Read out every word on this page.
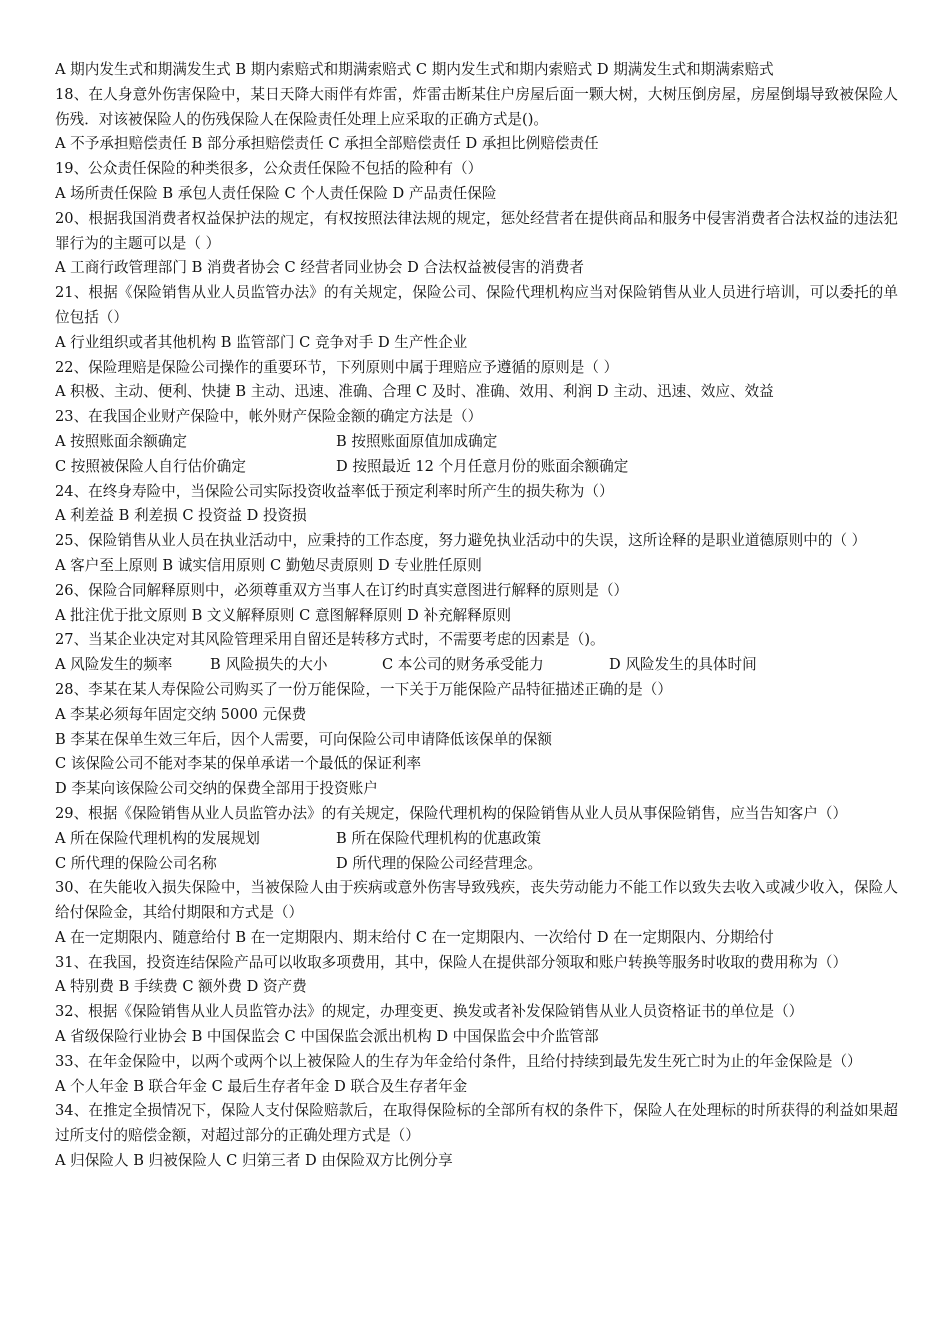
A 期内发生式和期满发生式 B 期内索赔式和期满索赔式 C 期内发生式和期内索赔式 D 期满发生式和期满索赔式
18、在人身意外伤害保险中，某日天降大雨伴有炸雷，炸雷击断某住户房屋后面一颗大树，大树压倒房屋，房屋倒塌导致被保险人伤残．对该被保险人的伤残保险人在保险责任处理上应采取的正确方式是()。
A 不予承担赔偿责任 B 部分承担赔偿责任 C 承担全部赔偿责任 D 承担比例赔偿责任
19、公众责任保险的种类很多，公众责任保险不包括的险种有（）
A 场所责任保险 B 承包人责任保险 C 个人责任保险 D 产品责任保险
20、根据我国消费者权益保护法的规定，有权按照法律法规的规定，惩处经营者在提供商品和服务中侵害消费者合法权益的违法犯罪行为的主题可以是（ ）
A 工商行政管理部门 B 消费者协会 C 经营者同业协会 D 合法权益被侵害的消费者
21、根据《保险销售从业人员监管办法》的有关规定，保险公司、保险代理机构应当对保险销售从业人员进行培训，可以委托的单位包括（）
A 行业组织或者其他机构 B 监管部门 C 竞争对手 D 生产性企业
22、保险理赔是保险公司操作的重要环节，下列原则中属于理赔应予遵循的原则是（ ）
A 积极、主动、便利、快捷 B 主动、迅速、准确、合理 C 及时、准确、效用、利润 D 主动、迅速、效应、效益
23、在我国企业财产保险中，帐外财产保险金额的确定方法是（）
A 按照账面余额确定	B 按照账面原值加成确定
C 按照被保险人自行估价确定	D 按照最近 12 个月任意月份的账面余额确定
24、在终身寿险中，当保险公司实际投资收益率低于预定利率时所产生的损失称为（）
A 利差益 B 利差损 C 投资益 D 投资损
25、保险销售从业人员在执业活动中，应秉持的工作态度，努力避免执业活动中的失误，这所诠释的是职业道德原则中的（ ）
A 客户至上原则 B 诚实信用原则 C 勤勉尽责原则 D 专业胜任原则
26、保险合同解释原则中，必须尊重双方当事人在订约时真实意图进行解释的原则是（）
A 批注优于批文原则 B 文义解释原则 C 意图解释原则 D 补充解释原则
27、当某企业决定对其风险管理采用自留还是转移方式时，不需要考虑的因素是（)。
A 风险发生的频率	B 风险损失的大小	C 本公司的财务承受能力	D 风险发生的具体时间
28、李某在某人寿保险公司购买了一份万能保险，一下关于万能保险产品特征描述正确的是（）
A 李某必须每年固定交纳 5000 元保费
B 李某在保单生效三年后，因个人需要，可向保险公司申请降低该保单的保额
C 该保险公司不能对李某的保单承诺一个最低的保证利率
D 李某向该保险公司交纳的保费全部用于投资账户
29、根据《保险销售从业人员监管办法》的有关规定，保险代理机构的保险销售从业人员从事保险销售，应当告知客户（）
A 所在保险代理机构的发展规划	B 所在保险代理机构的优惠政策
C 所代理的保险公司名称	D 所代理的保险公司经营理念。
30、在失能收入损失保险中，当被保险人由于疾病或意外伤害导致残疾，丧失劳动能力不能工作以致失去收入或减少收入，保险人给付保险金，其给付期限和方式是（）
A 在一定期限内、随意给付 B 在一定期限内、期末给付 C 在一定期限内、一次给付 D 在一定期限内、分期给付
31、在我国，投资连结保险产品可以收取多项费用，其中，保险人在提供部分领取和账户转换等服务时收取的费用称为（）
A 特别费 B 手续费 C 额外费 D 资产费
32、根据《保险销售从业人员监管办法》的规定，办理变更、换发或者补发保险销售从业人员资格证书的单位是（）
A 省级保险行业协会 B 中国保监会 C 中国保监会派出机构 D 中国保监会中介监管部
33、在年金保险中，以两个或两个以上被保险人的生存为年金给付条件，且给付持续到最先发生死亡时为止的年金保险是（）
A 个人年金 B 联合年金 C 最后生存者年金 D 联合及生存者年金
34、在推定全损情况下，保险人支付保险赔款后，在取得保险标的全部所有权的条件下，保险人在处理标的时所获得的利益如果超过所支付的赔偿金额，对超过部分的正确处理方式是（）
A 归保险人 B 归被保险人 C 归第三者 D 由保险双方比例分享
